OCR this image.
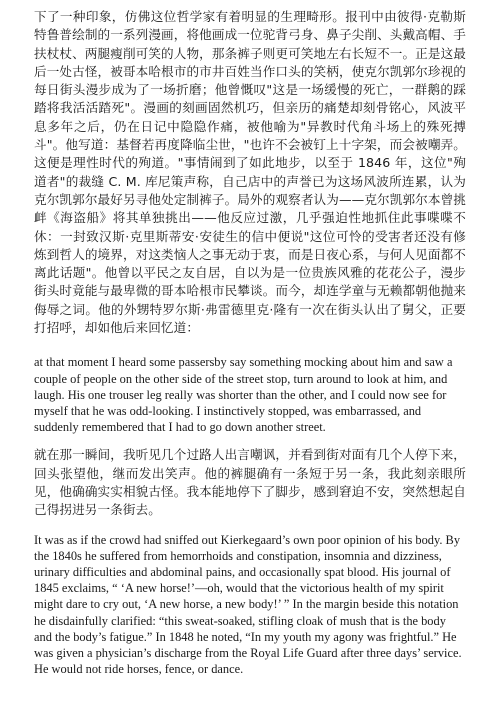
下了一种印象，仿佛这位哲学家有着明显的生理畸形。报刊中由彼得·克勒斯特鲁普绘制的一系列漫画，将他画成一位驼背弓身、鼻子尖削、头戴高帽、手扶杖杖、两腿瘦削可笑的人物，那条裤子则更可笑地左右长短不一。正是这最后一处古怪，被哥本哈根市的市井百姓当作口头的笑柄，使克尔凯郭尔珍视的每日街头漫步成为了一场折磨；他曾慨叹"这是一场缓慢的死亡，一群鹅的踩踏将我活活踏死"。漫画的刻画固然机巧，但亲历的痛楚却刻骨铭心，风波平息多年之后，仍在日记中隐隐作痛，被他喻为"异教时代角斗场上的殊死搏斗"。他写道：基督若再度降临尘世，"也许不会被钉上十字架，而会被嘲弄。这便是理性时代的殉道。"事情闹到了如此地步，以至于 1846 年，这位"殉道者"的裁缝 C. M. 库尼策声称，自己店中的声誉已为这场风波所连累，认为克尔凯郭尔最好另寻他处定制裤子。局外的观察者认为——克尔凯郭尔本曾挑衅《海盗船》将其单独挑出——他反应过激，几乎强迫性地抓住此事喋喋不休：一封致汉斯·克里斯蒂安·安徒生的信中便说"这位可怜的受害者还没有修炼到哲人的境界，对这类恼人之事无动于衷，而是日夜心系，与何人见面都不离此话题"。他曾以平民之友自居，自以为是一位贵族风雅的花花公子，漫步街头时竟能与最卑微的哥本哈根市民攀谈。而今，却连学童与无赖都朝他抛来侮辱之词。他的外甥特罗尔斯·弗雷德里克·隆有一次在街头认出了舅父，正要打招呼，却如他后来回忆道：

at that moment I heard some passersby say something mocking about him and saw a couple of people on the other side of the street stop, turn around to look at him, and laugh. His one trouser leg really was shorter than the other, and I could now see for myself that he was odd-looking. I instinctively stopped, was embarrassed, and suddenly remembered that I had to go down another street.

就在那一瞬间，我听见几个过路人出言嘲讽，并看到街对面有几个人停下来，回头张望他，继而发出笑声。他的裤腿确有一条短于另一条，我此刻亲眼所见，他确确实实相貌古怪。我本能地停下了脚步，感到窘迫不安，突然想起自己得拐进另一条街去。

It was as if the crowd had sniffed out Kierkegaard’s own poor opinion of his body. By the 1840s he suffered from hemorrhoids and constipation, insomnia and dizziness, urinary difficulties and abdominal pains, and occasionally spat blood. His journal of 1845 exclaims, “ ‘A new horse!’—oh, would that the victorious health of my spirit might dare to cry out, ‘A new horse, a new body!’ ” In the margin beside this notation he disdainfully clarified: “this sweat-soaked, stifling cloak of mush that is the body and the body’s fatigue.” In 1848 he noted, “In my youth my agony was frightful.” He was given a physician’s discharge from the Royal Life Guard after three days’ service. He would not ride horses, fence, or dance.
